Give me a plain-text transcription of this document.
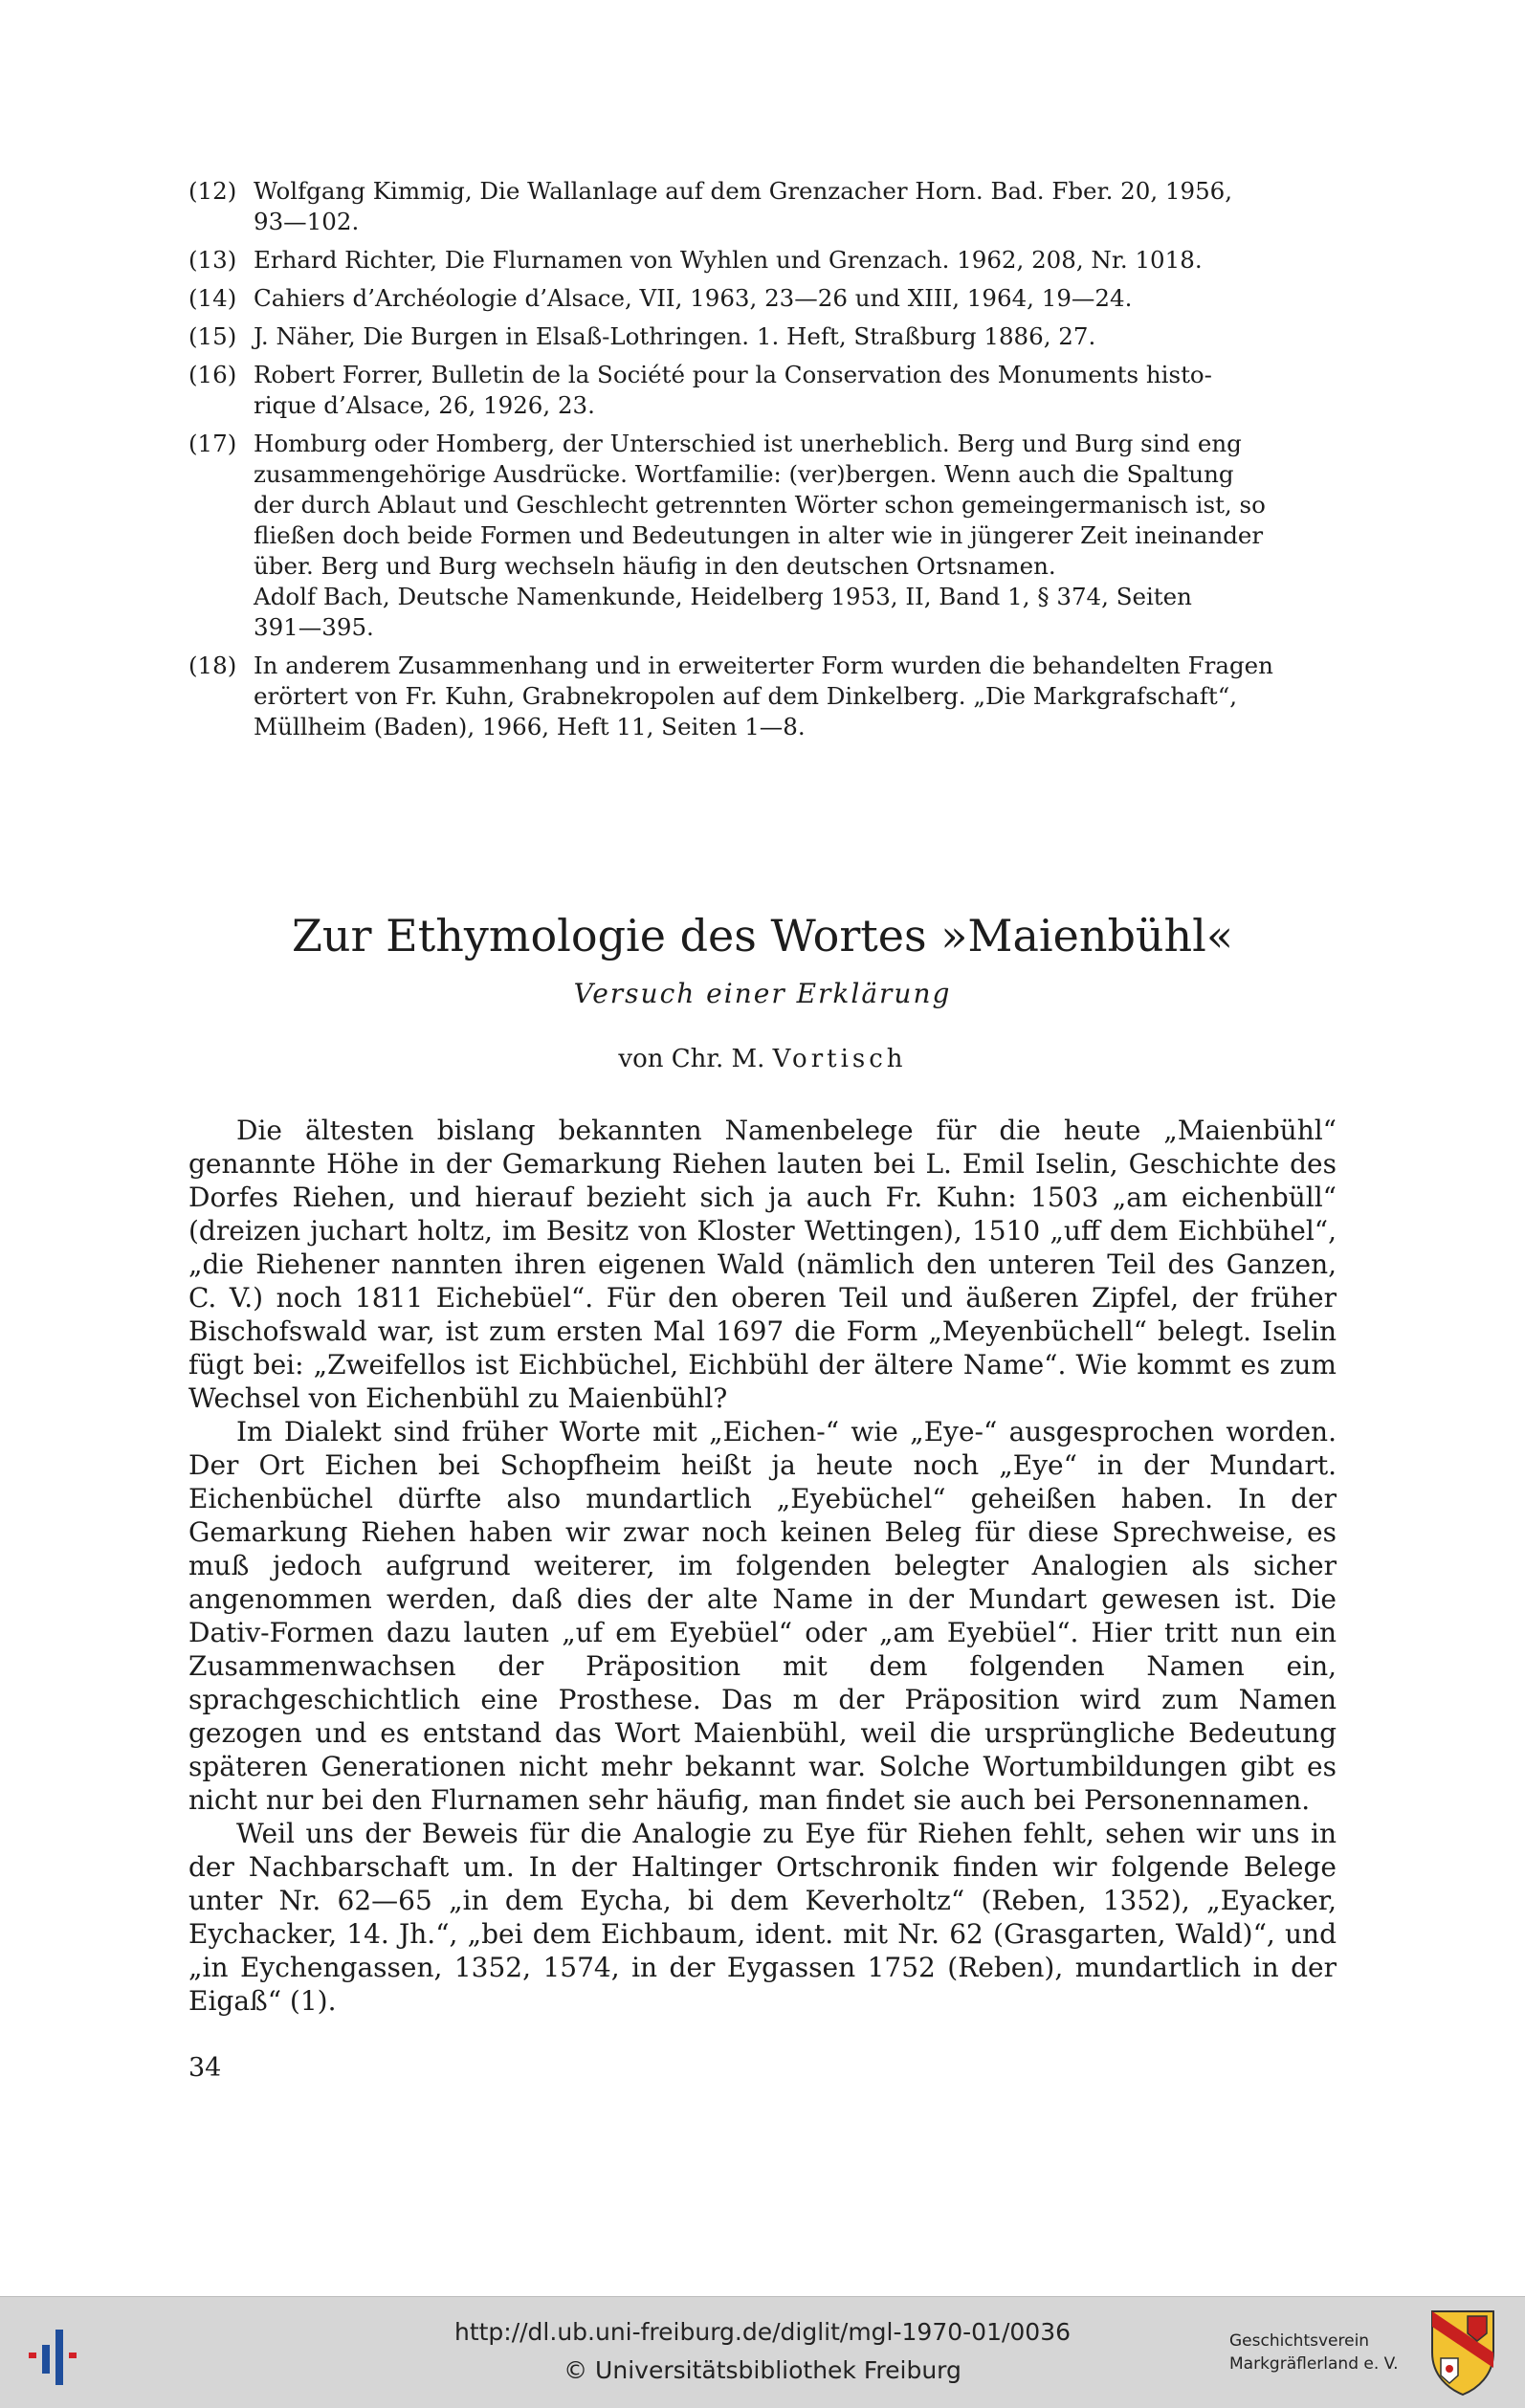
(12) Wolfgang Kimmig, Die Wallanlage auf dem Grenzacher Horn. Bad. Fber. 20, 1956,
93—102.
(13) Erhard Richter, Die Flurnamen von Wyhlen und Grenzach. 1962, 208, Nr. 1018.
(14) Cahiers d’Archéologie d’Alsace, VII, 1963, 23—26 und XIII, 1964, 19—24.
(15) J. Näher, Die Burgen in Elsaß-Lothringen. 1. Heft, Straßburg 1886, 27.
(16) Robert Forrer, Bulletin de la Société pour la Conservation des Monuments histo-
rique d’Alsace, 26, 1926, 23.
(17) Homburg oder Homberg, der Unterschied ist unerheblich. Berg und Burg sind eng
zusammengehörige Ausdrücke. Wortfamilie: (ver)bergen. Wenn auch die Spaltung
der durch Ablaut und Geschlecht getrennten Wörter schon gemeingermanisch ist, so
fließen doch beide Formen und Bedeutungen in alter wie in jüngerer Zeit ineinander
über. Berg und Burg wechseln häufig in den deutschen Ortsnamen.
Adolf Bach, Deutsche Namenkunde, Heidelberg 1953, II, Band 1, § 374, Seiten
391—395.
(18) In anderem Zusammenhang und in erweiterter Form wurden die behandelten Fragen
erörtert von Fr. Kuhn, Grabnekropolen auf dem Dinkelberg. „Die Markgrafschaft“,
Müllheim (Baden), 1966, Heft 11, Seiten 1—8.
Zur Ethymologie des Wortes »Maienbühl«
Versuch einer Erklärung
von Chr. M. Vortisch

Die ältesten bislang bekannten Namenbelege für die heute „Maienbühl“ genannte Höhe in der Gemarkung Riehen lauten bei L. Emil Iselin, Geschichte des Dorfes Riehen, und hierauf bezieht sich ja auch Fr. Kuhn: 1503 „am eichenbüll“ (dreizen juchart holtz, im Besitz von Kloster Wettingen), 1510 „uff dem Eichbühel“, „die Riehener nannten ihren eigenen Wald (nämlich den unteren Teil des Ganzen, C. V.) noch 1811 Eichebüel“. Für den oberen Teil und äußeren Zipfel, der früher Bischofswald war, ist zum ersten Mal 1697 die Form „Meyenbüchell“ belegt. Iselin fügt bei: „Zweifellos ist Eichbüchel, Eichbühl der ältere Name“. Wie kommt es zum Wechsel von Eichenbühl zu Maienbühl?

Im Dialekt sind früher Worte mit „Eichen-“ wie „Eye-“ ausgesprochen worden. Der Ort Eichen bei Schopfheim heißt ja heute noch „Eye“ in der Mundart. Eichenbüchel dürfte also mundartlich „Eyebüchel“ geheißen haben. In der Gemarkung Riehen haben wir zwar noch keinen Beleg für diese Sprechweise, es muß jedoch aufgrund weiterer, im folgenden belegter Analogien als sicher angenommen werden, daß dies der alte Name in der Mundart gewesen ist. Die Dativ-Formen dazu lauten „uf em Eyebüel“ oder „am Eyebüel“. Hier tritt nun ein Zusammenwachsen der Präposition mit dem folgenden Namen ein, sprachgeschichtlich eine Prosthese. Das m der Präposition wird zum Namen gezogen und es entstand das Wort Maienbühl, weil die ursprüngliche Bedeutung späteren Generationen nicht mehr bekannt war. Solche Wortumbildungen gibt es nicht nur bei den Flurnamen sehr häufig, man findet sie auch bei Personennamen.

Weil uns der Beweis für die Analogie zu Eye für Riehen fehlt, sehen wir uns in der Nachbarschaft um. In der Haltinger Ortschronik finden wir folgende Belege unter Nr. 62—65 „in dem Eycha, bi dem Keverholtz“ (Reben, 1352), „Eyacker, Eychacker, 14. Jh.“, „bei dem Eichbaum, ident. mit Nr. 62 (Grasgarten, Wald)“, und „in Eychengassen, 1352, 1574, in der Eygassen 1752 (Reben), mundartlich in der Eigaß“ (1).

34
http://dl.ub.uni-freiburg.de/diglit/mgl-1970-01/0036
© Universitätsbibliothek Freiburg
Geschichtsverein
Markgräflerland e. V.
